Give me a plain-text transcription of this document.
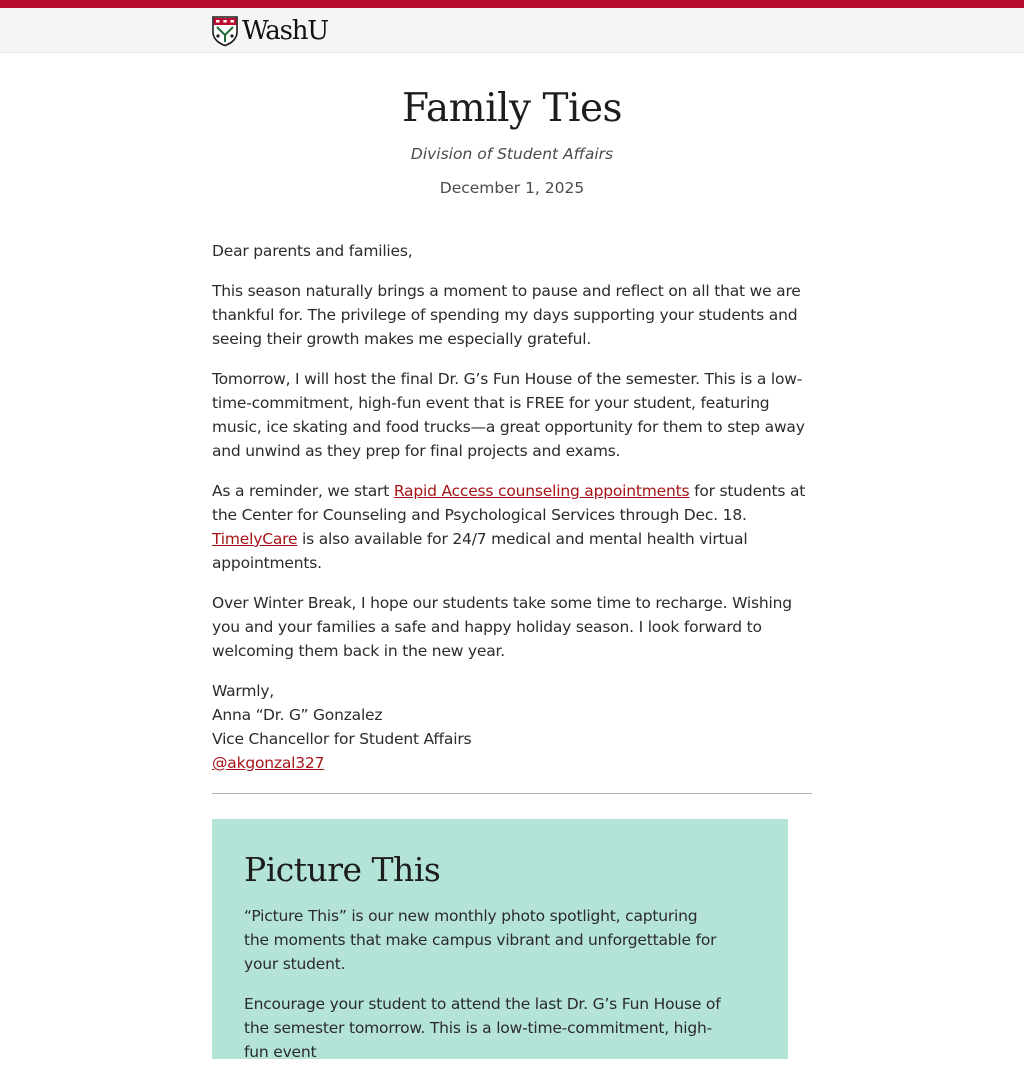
WashU
Family Ties
Division of Student Affairs
December 1, 2025

Dear parents and families,

This season naturally brings a moment to pause and reflect on all that we are thankful for. The privilege of spending my days supporting your students and seeing their growth makes me especially grateful.

Tomorrow, I will host the final Dr. G’s Fun House of the semester. This is a low-time-commitment, high-fun event that is FREE for your student, featuring music, ice skating and food trucks—a great opportunity for them to step away and unwind as they prep for final projects and exams.

As a reminder, we start Rapid Access counseling appointments for students at the Center for Counseling and Psychological Services through Dec. 18. TimelyCare is also available for 24/7 medical and mental health virtual appointments.

Over Winter Break, I hope our students take some time to recharge. Wishing you and your families a safe and happy holiday season. I look forward to welcoming them back in the new year.

Warmly,
Anna “Dr. G” Gonzalez
Vice Chancellor for Student Affairs
@akgonzal327
Picture This

“Picture This” is our new monthly photo spotlight, capturing the moments that make campus vibrant and unforgettable for your student.

Encourage your student to attend the last Dr. G’s Fun House of the semester tomorrow. This is a low-time-commitment, high-fun event
